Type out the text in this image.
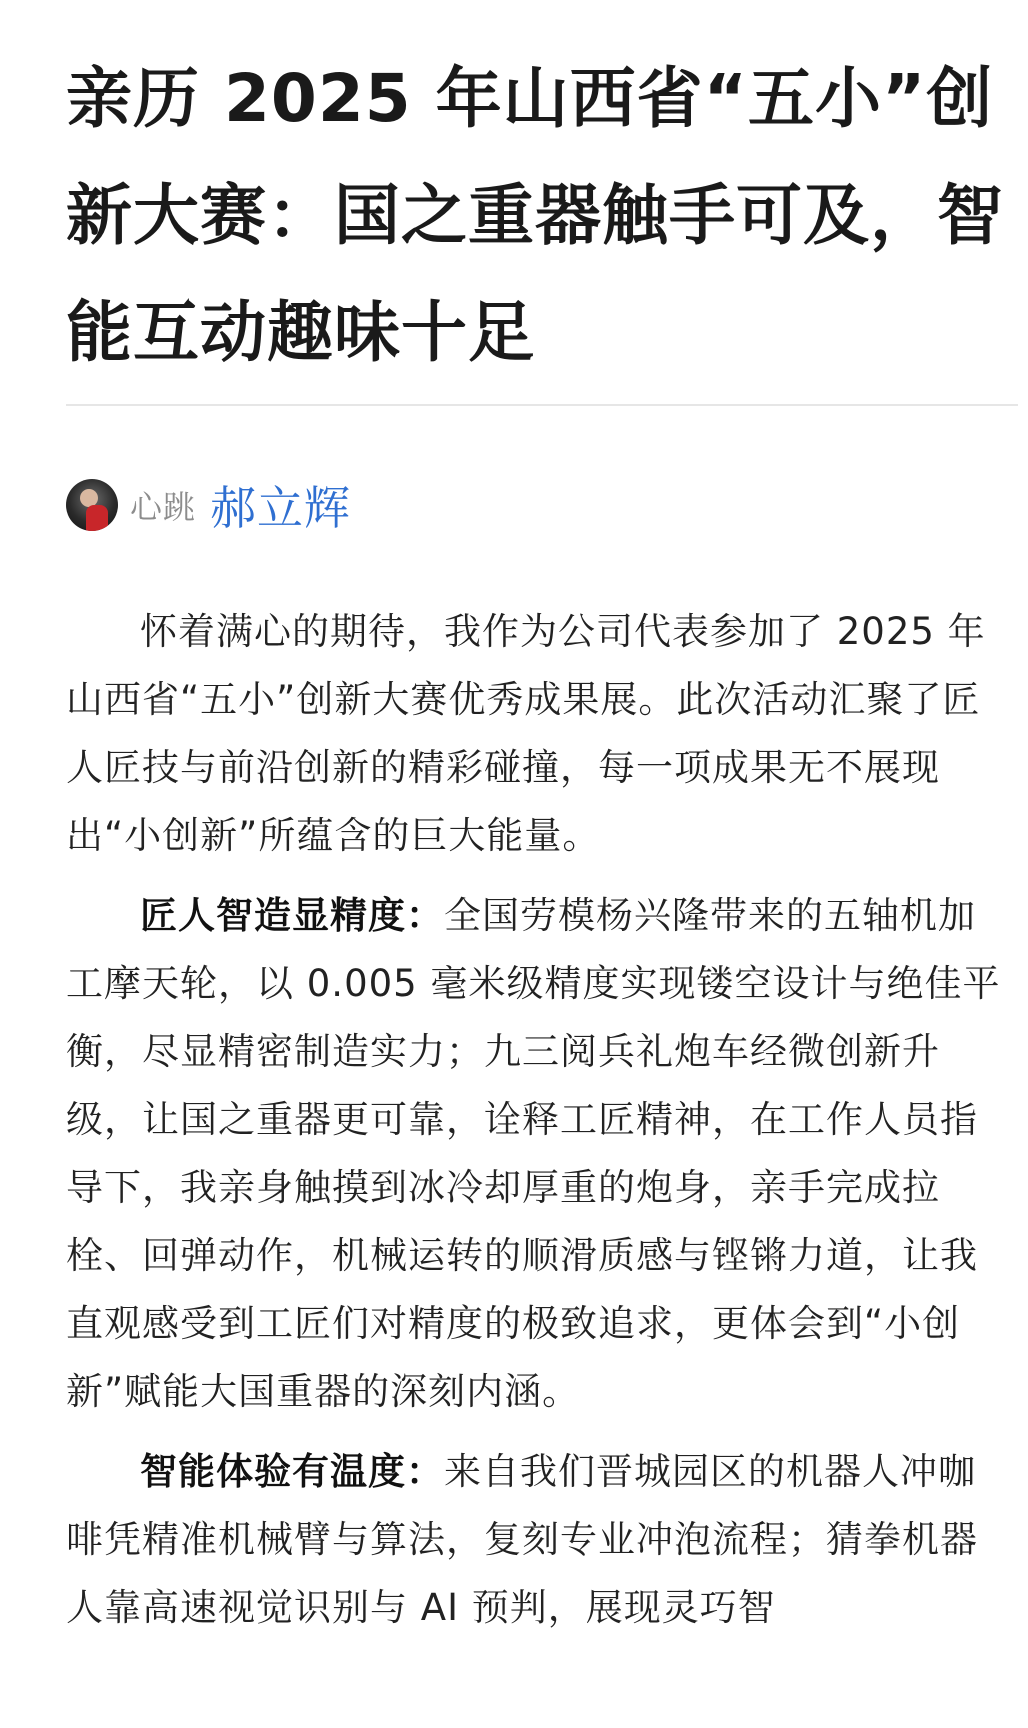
亲历 2025 年山西省“五小”创新大赛：国之重器触手可及，智能互动趣味十足
心跳 郝立辉

怀着满心的期待，我作为公司代表参加了 2025 年山西省“五小”创新大赛优秀成果展。此次活动汇聚了匠人匠技与前沿创新的精彩碰撞，每一项成果无不展现出“小创新”所蕴含的巨大能量。

匠人智造显精度：全国劳模杨兴隆带来的五轴机加工摩天轮，以 0.005 毫米级精度实现镂空设计与绝佳平衡，尽显精密制造实力；九三阅兵礼炮车经微创新升级，让国之重器更可靠，诠释工匠精神，在工作人员指导下，我亲身触摸到冰冷却厚重的炮身，亲手完成拉栓、回弹动作，机械运转的顺滑质感与铿锵力道，让我直观感受到工匠们对精度的极致追求，更体会到“小创新”赋能大国重器的深刻内涵。

智能体验有温度：来自我们晋城园区的机器人冲咖啡凭精准机械臂与算法，复刻专业冲泡流程；猜拳机器人靠高速视觉识别与 AI 预判，展现灵巧智
